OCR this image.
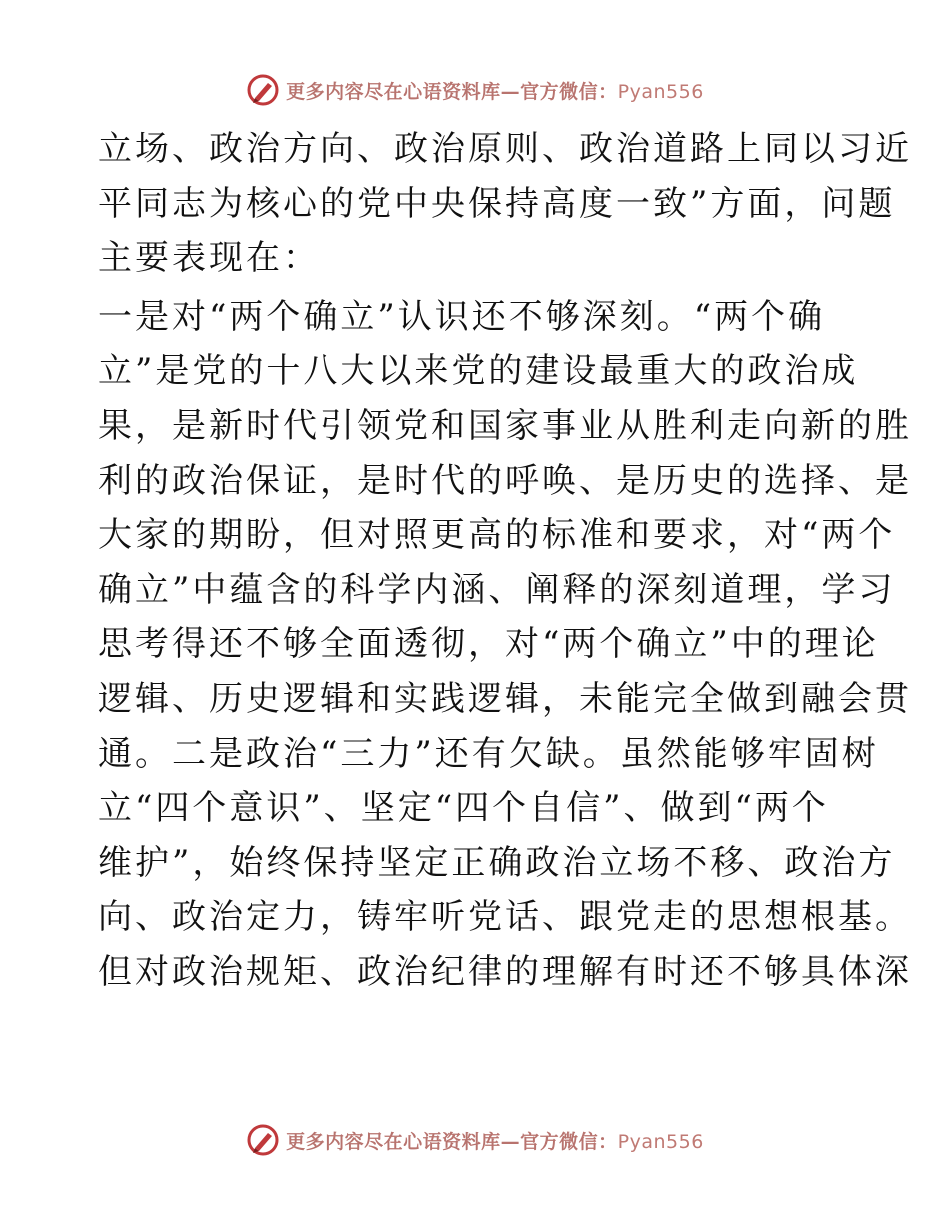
更多内容尽在心语资料库—官方微信：Pyan556
立场、政治方向、政治原则、政治道路上同以习近
平同志为核心的党中央保持高度一致”方面，问题
主要表现在：
一是对“两个确立”认识还不够深刻。“两个确
立”是党的十八大以来党的建设最重大的政治成
果，是新时代引领党和国家事业从胜利走向新的胜
利的政治保证，是时代的呼唤、是历史的选择、是
大家的期盼，但对照更高的标准和要求，对“两个
确立”中蕴含的科学内涵、阐释的深刻道理，学习
思考得还不够全面透彻，对“两个确立”中的理论
逻辑、历史逻辑和实践逻辑，未能完全做到融会贯
通。二是政治“三力”还有欠缺。虽然能够牢固树
立“四个意识”、坚定“四个自信”、做到“两个
维护”，始终保持坚定正确政治立场不移、政治方
向、政治定力，铸牢听党话、跟党走的思想根基。
但对政治规矩、政治纪律的理解有时还不够具体深
更多内容尽在心语资料库—官方微信：Pyan556
